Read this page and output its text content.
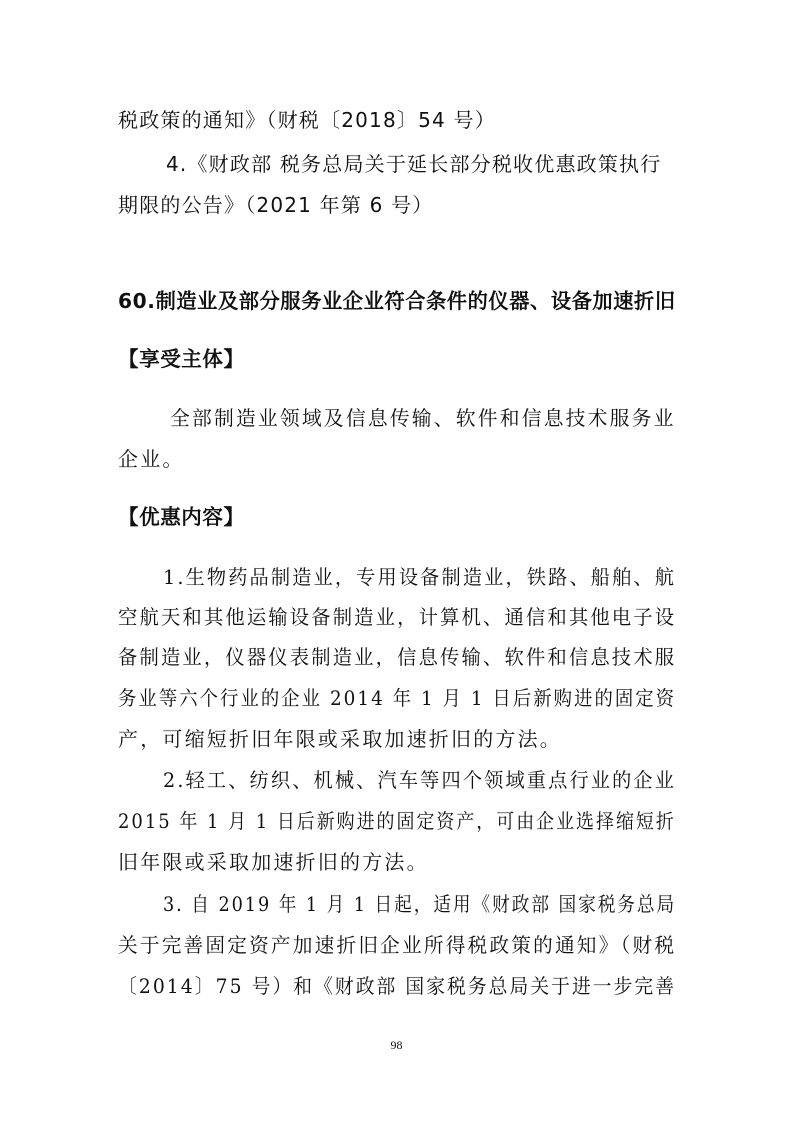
税政策的通知》（财税〔2018〕54 号）
4.《财政部 税务总局关于延长部分税收优惠政策执行
期限的公告》（2021 年第 6 号）
60.制造业及部分服务业企业符合条件的仪器、设备加速折旧
【享受主体】
全部制造业领域及信息传输、软件和信息技术服务业
企业。
【优惠内容】
1.生物药品制造业，专用设备制造业，铁路、船舶、航
空航天和其他运输设备制造业，计算机、通信和其他电子设
备制造业，仪器仪表制造业，信息传输、软件和信息技术服
务业等六个行业的企业 2014 年 1 月 1 日后新购进的固定资
产，可缩短折旧年限或采取加速折旧的方法。
2.轻工、纺织、机械、汽车等四个领域重点行业的企业
2015 年 1 月 1 日后新购进的固定资产，可由企业选择缩短折
旧年限或采取加速折旧的方法。
3. 自 2019 年 1 月 1 日起，适用《财政部 国家税务总局
关于完善固定资产加速折旧企业所得税政策的通知》（财税
〔2014〕75 号）和《财政部 国家税务总局关于进一步完善
98
